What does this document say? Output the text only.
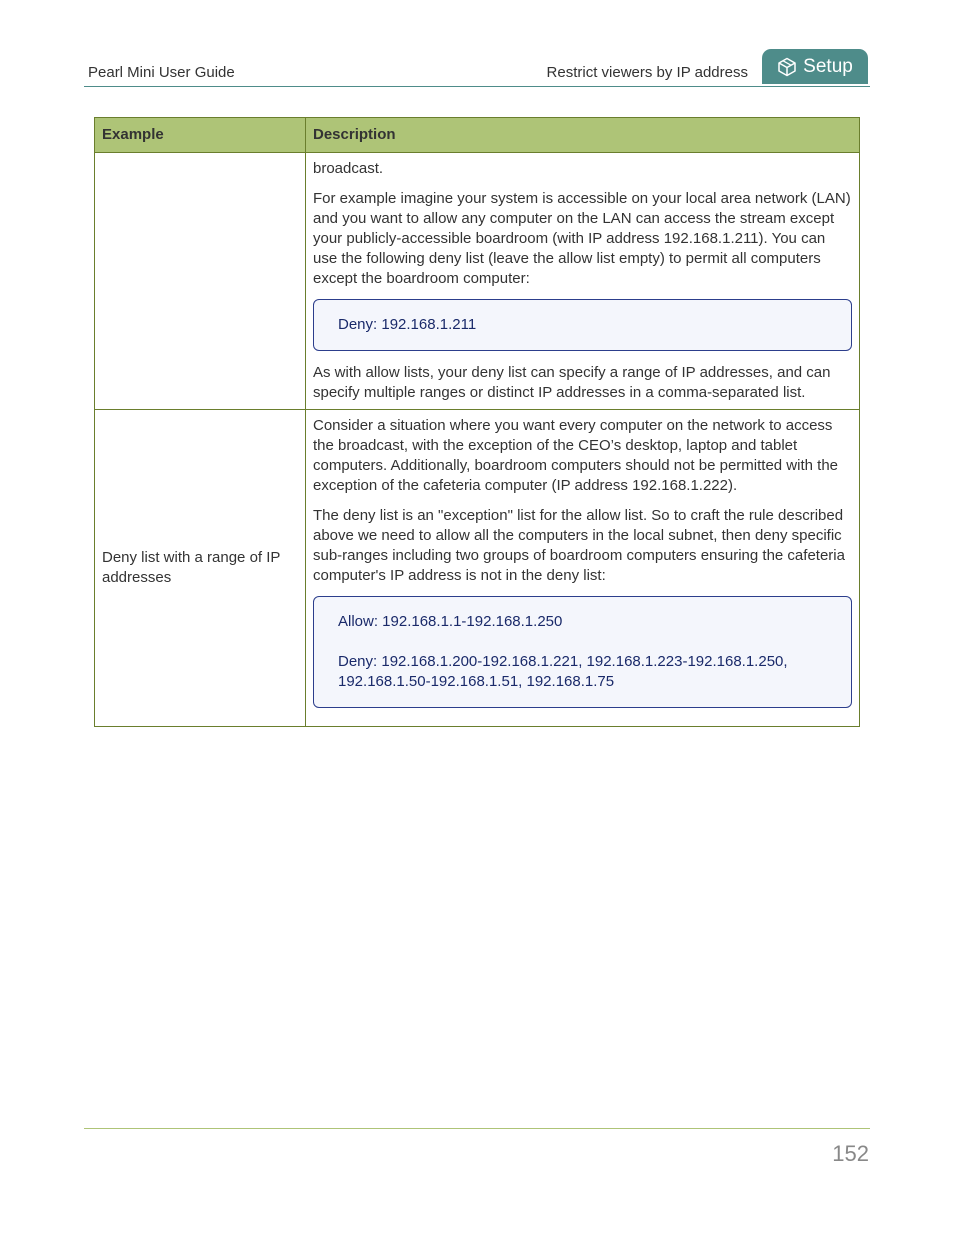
Pearl Mini User Guide	Restrict viewers by IP address	Setup
Example	Description

	broadcast.

For example imagine your system is accessible on your local area network (LAN) and you want to allow any computer on the LAN can access the stream except your publicly-accessible boardroom (with IP address 192.168.1.211). You can use the following deny list (leave the allow list empty) to permit all computers except the boardroom computer:

Deny: 192.168.1.211

As with allow lists, your deny list can specify a range of IP addresses, and can specify multiple ranges or distinct IP addresses in a comma-separated list.

Deny list with a range of IP addresses	Consider a situation where you want every computer on the network to access the broadcast, with the exception of the CEO’s desktop, laptop and tablet computers. Additionally, boardroom computers should not be permitted with the exception of the cafeteria computer (IP address 192.168.1.222).

The deny list is an "exception" list for the allow list. So to craft the rule described above we need to allow all the computers in the local subnet, then deny specific sub-ranges including two groups of boardroom computers ensuring the cafeteria computer's IP address is not in the deny list:

Allow: 192.168.1.1-192.168.1.250

Deny: 192.168.1.200-192.168.1.221, 192.168.1.223-192.168.1.250, 192.168.1.50-192.168.1.51, 192.168.1.75

152
